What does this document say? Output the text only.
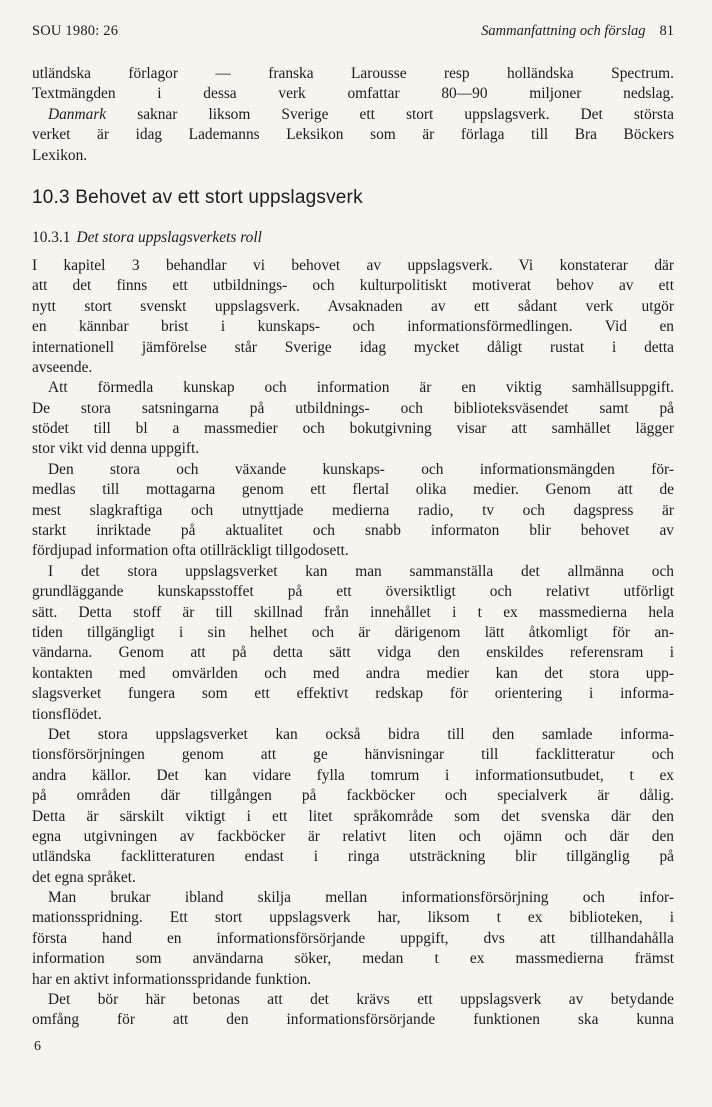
SOU 1980: 26	Sammanfattning och förslag 81
utländska förlagor — franska Larousse resp holländska Spectrum.
Textmängden i dessa verk omfattar 80—90 miljoner nedslag.
Danmark saknar liksom Sverige ett stort uppslagsverk. Det största
verket är idag Lademanns Leksikon som är förlaga till Bra Böckers
Lexikon.
10.3 Behovet av ett stort uppslagsverk
10.3.1 Det stora uppslagsverkets roll
I kapitel 3 behandlar vi behovet av uppslagsverk. Vi konstaterar där
att det finns ett utbildnings- och kulturpolitiskt motiverat behov av ett
nytt stort svenskt uppslagsverk. Avsaknaden av ett sådant verk utgör
en kännbar brist i kunskaps- och informationsförmedlingen. Vid en
internationell jämförelse står Sverige idag mycket dåligt rustat i detta
avseende.
Att förmedla kunskap och information är en viktig samhällsuppgift.
De stora satsningarna på utbildnings- och biblioteksväsendet samt på
stödet till bl a massmedier och bokutgivning visar att samhället lägger
stor vikt vid denna uppgift.
Den stora och växande kunskaps- och informationsmängden för-
medlas till mottagarna genom ett flertal olika medier. Genom att de
mest slagkraftiga och utnyttjade medierna radio, tv och dagspress är
starkt inriktade på aktualitet och snabb informaton blir behovet av
fördjupad information ofta otillräckligt tillgodosett.
I det stora uppslagsverket kan man sammanställa det allmänna och
grundläggande kunskapsstoffet på ett översiktligt och relativt utförligt
sätt. Detta stoff är till skillnad från innehållet i t ex massmedierna hela
tiden tillgängligt i sin helhet och är därigenom lätt åtkomligt för an-
vändarna. Genom att på detta sätt vidga den enskildes referensram i
kontakten med omvärlden och med andra medier kan det stora upp-
slagsverket fungera som ett effektivt redskap för orientering i informa-
tionsflödet.
Det stora uppslagsverket kan också bidra till den samlade informa-
tionsförsörjningen genom att ge hänvisningar till facklitteratur och
andra källor. Det kan vidare fylla tomrum i informationsutbudet, t ex
på områden där tillgången på fackböcker och specialverk är dålig.
Detta är särskilt viktigt i ett litet språkområde som det svenska där den
egna utgivningen av fackböcker är relativt liten och ojämn och där den
utländska facklitteraturen endast i ringa utsträckning blir tillgänglig på
det egna språket.
Man brukar ibland skilja mellan informationsförsörjning och infor-
mationsspridning. Ett stort uppslagsverk har, liksom t ex biblioteken, i
första hand en informationsförsörjande uppgift, dvs att tillhandahålla
information som användarna söker, medan t ex massmedierna främst
har en aktivt informationsspridande funktion.
Det bör här betonas att det krävs ett uppslagsverk av betydande
omfång för att den informationsförsörjande funktionen ska kunna
6
